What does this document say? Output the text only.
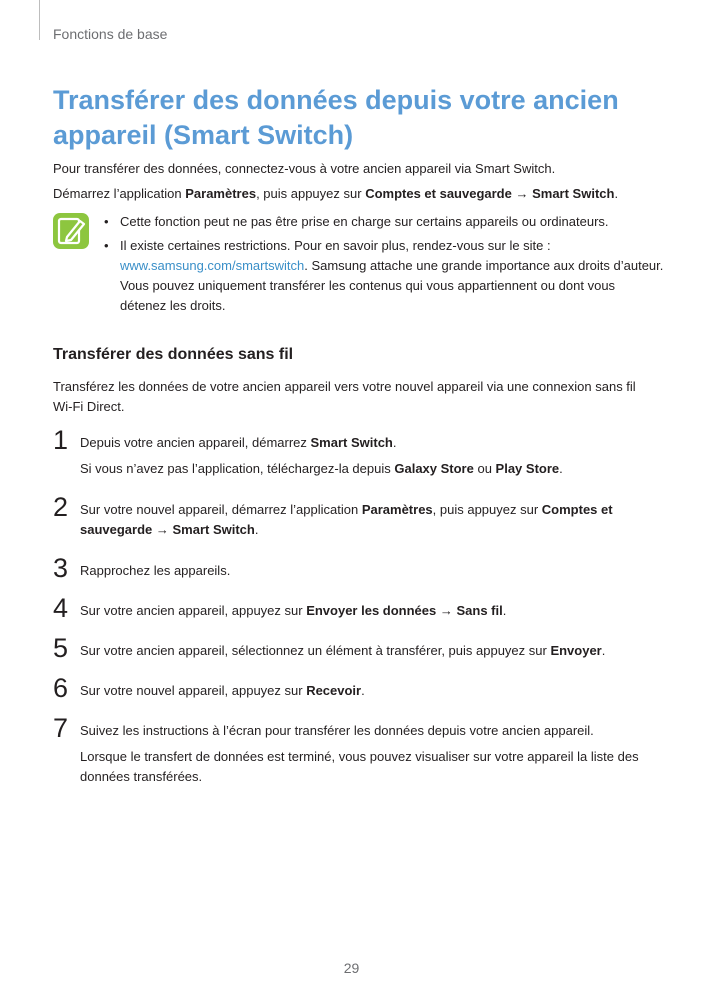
Fonctions de base
Transférer des données depuis votre ancien appareil (Smart Switch)

Pour transférer des données, connectez-vous à votre ancien appareil via Smart Switch.

Démarrez l’application Paramètres, puis appuyez sur Comptes et sauvegarde → Smart Switch.

• Cette fonction peut ne pas être prise en charge sur certains appareils ou ordinateurs.
• Il existe certaines restrictions. Pour en savoir plus, rendez-vous sur le site : www.samsung.com/smartswitch. Samsung attache une grande importance aux droits d’auteur. Vous pouvez uniquement transférer les contenus qui vous appartiennent ou dont vous détenez les droits.
Transférer des données sans fil

Transférez les données de votre ancien appareil vers votre nouvel appareil via une connexion sans fil Wi-Fi Direct.

1 Depuis votre ancien appareil, démarrez Smart Switch.
Si vous n’avez pas l’application, téléchargez-la depuis Galaxy Store ou Play Store.
2 Sur votre nouvel appareil, démarrez l’application Paramètres, puis appuyez sur Comptes et sauvegarde → Smart Switch.
3 Rapprochez les appareils.
4 Sur votre ancien appareil, appuyez sur Envoyer les données → Sans fil.
5 Sur votre ancien appareil, sélectionnez un élément à transférer, puis appuyez sur Envoyer.
6 Sur votre nouvel appareil, appuyez sur Recevoir.
7 Suivez les instructions à l’écran pour transférer les données depuis votre ancien appareil.
Lorsque le transfert de données est terminé, vous pouvez visualiser sur votre appareil la liste des données transférées.
29
